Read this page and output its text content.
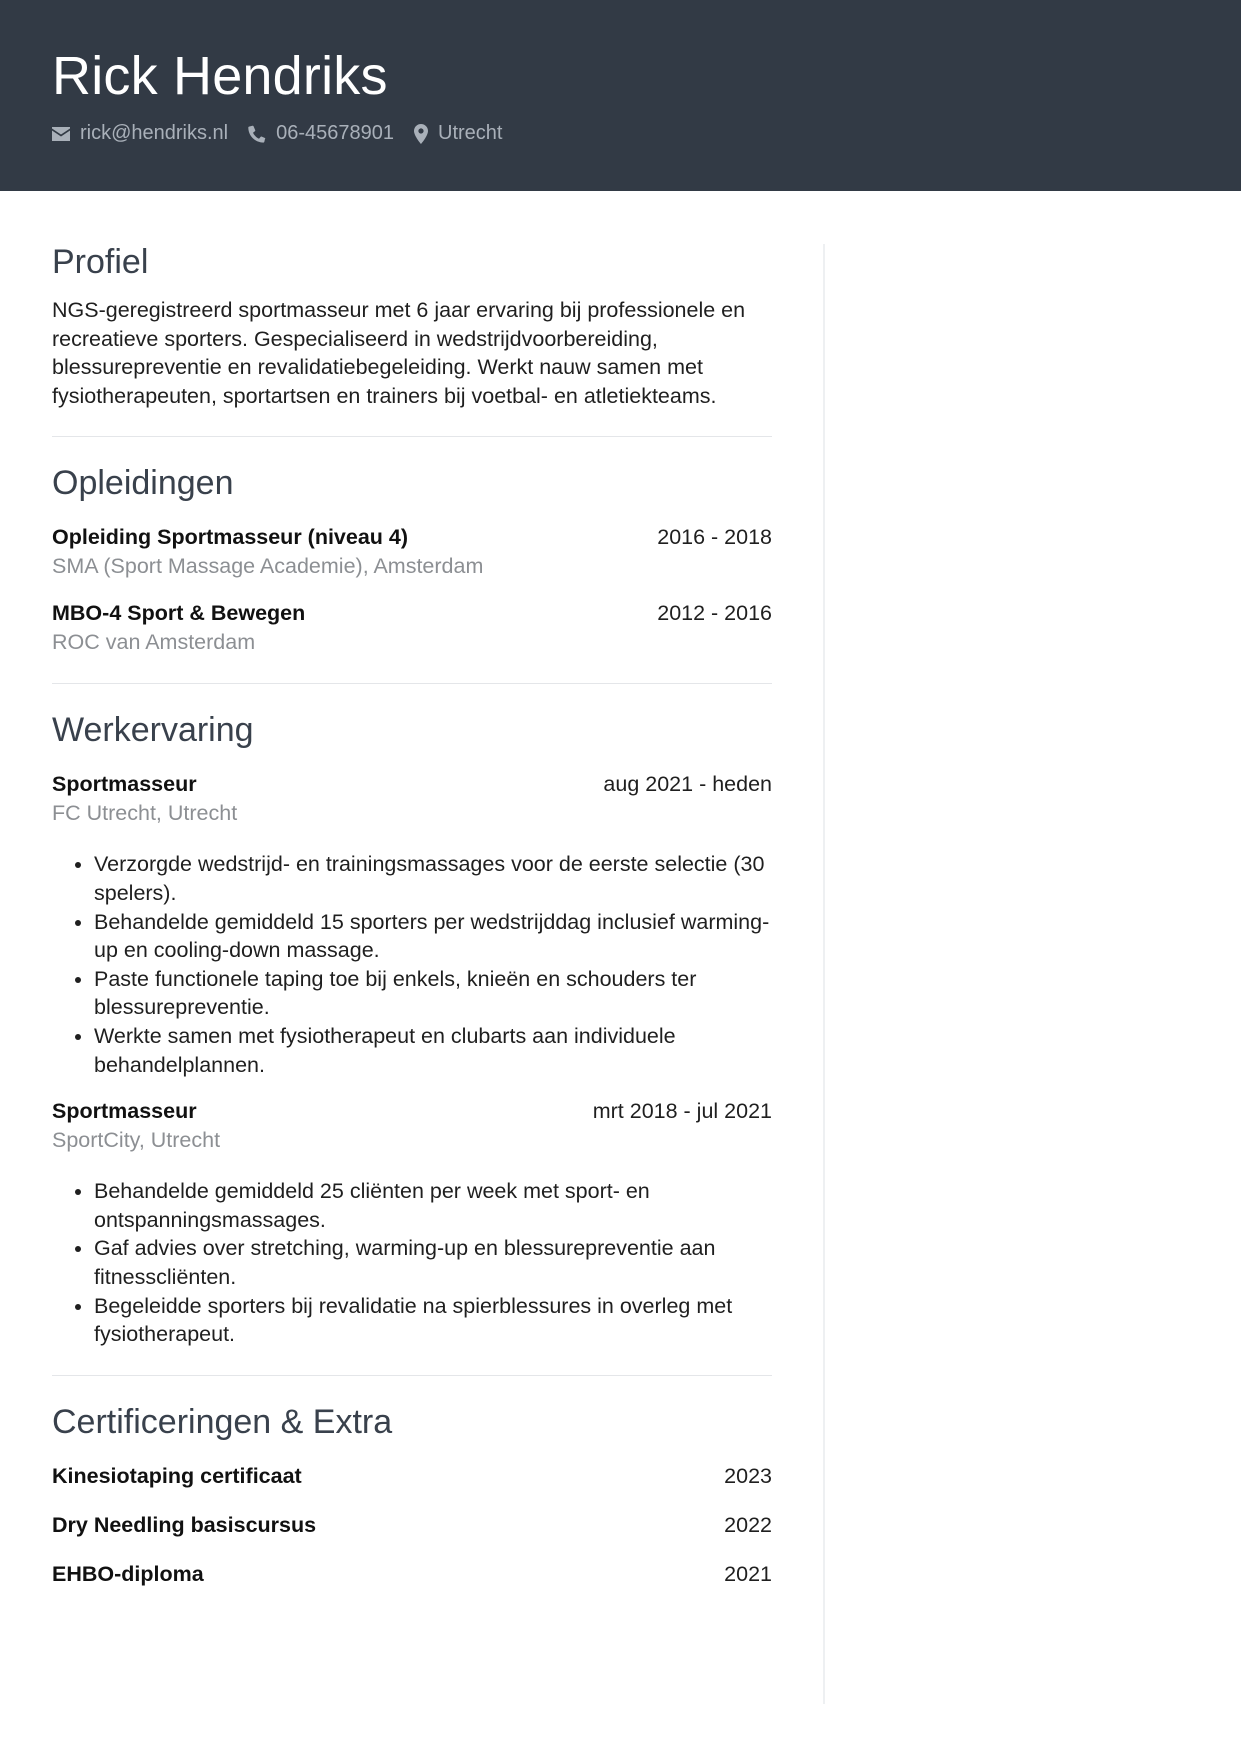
Rick Hendriks
rick@hendriks.nl 06-45678901 Utrecht
Profiel

NGS-geregistreerd sportmasseur met 6 jaar ervaring bij professionele en recreatieve sporters. Gespecialiseerd in wedstrijdvoorbereiding, blessurepreventie en revalidatiebegeleiding. Werkt nauw samen met fysiotherapeuten, sportartsen en trainers bij voetbal- en atletiekteams.

Opleidingen
Opleiding Sportmasseur (niveau 4)	2016 - 2018
SMA (Sport Massage Academie), Amsterdam
MBO-4 Sport & Bewegen	2012 - 2016
ROC van Amsterdam
Werkervaring
Sportmasseur	aug 2021 - heden
FC Utrecht, Utrecht
• Verzorgde wedstrijd- en trainingsmassages voor de eerste selectie (30 spelers).
• Behandelde gemiddeld 15 sporters per wedstrijddag inclusief warming-up en cooling-down massage.
• Paste functionele taping toe bij enkels, knieën en schouders ter blessurepreventie.
• Werkte samen met fysiotherapeut en clubarts aan individuele behandelplannen.
Sportmasseur	mrt 2018 - jul 2021
SportCity, Utrecht
• Behandelde gemiddeld 25 cliënten per week met sport- en ontspanningsmassages.
• Gaf advies over stretching, warming-up en blessurepreventie aan fitnesscliënten.
• Begeleidde sporters bij revalidatie na spierblessures in overleg met fysiotherapeut.
Certificeringen & Extra
Kinesiotaping certificaat	2023
Dry Needling basiscursus	2022
EHBO-diploma	2021
